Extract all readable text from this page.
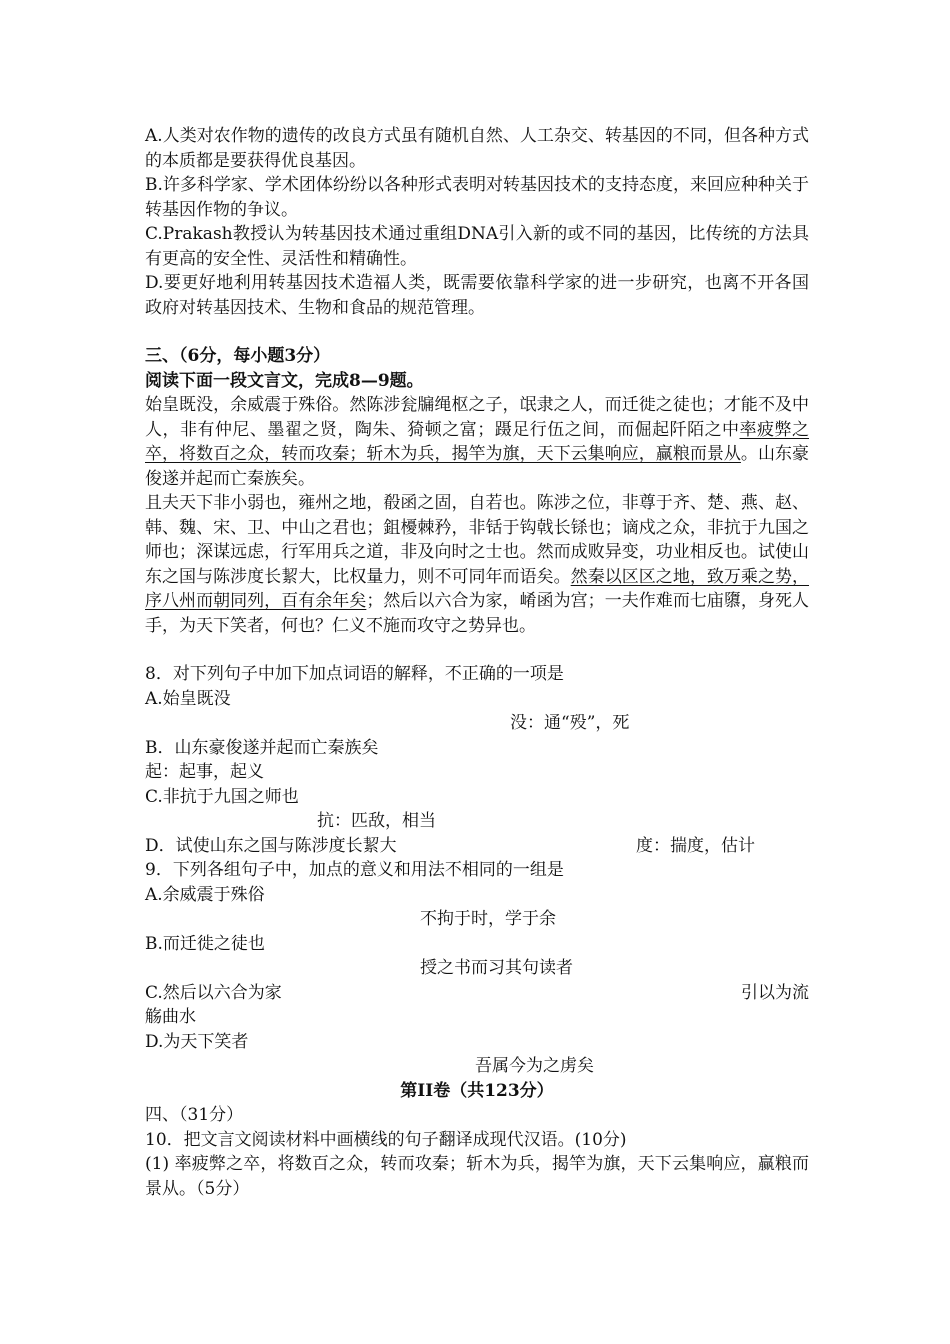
A.人类对农作物的遗传的改良方式虽有随机自然、人工杂交、转基因的不同，但各种方式的本质都是要获得优良基因。

B.许多科学家、学术团体纷纷以各种形式表明对转基因技术的支持态度，来回应种种关于转基因作物的争议。

C.Prakash教授认为转基因技术通过重组DNA引入新的或不同的基因，比传统的方法具有更高的安全性、灵活性和精确性。

D.要更好地利用转基因技术造福人类，既需要依靠科学家的进一步研究，也离不开各国政府对转基因技术、生物和食品的规范管理。

三、（6分，每小题3分）

阅读下面一段文言文，完成8—9题。

始皇既没，余威震于殊俗。然陈涉瓮牖绳枢之子，氓隶之人，而迁徙之徒也；才能不及中人，非有仲尼、墨翟之贤，陶朱、猗顿之富；蹑足行伍之间，而倔起阡陌之中率疲弊之卒，将数百之众，转而攻秦；斩木为兵，揭竿为旗，天下云集响应，赢粮而景从。山东豪俊遂并起而亡秦族矣。

且夫天下非小弱也，雍州之地，殽函之固，自若也。陈涉之位，非尊于齐、楚、燕、赵、韩、魏、宋、卫、中山之君也；鉏櫌棘矜，非铦于钩戟长铩也；谪戍之众，非抗于九国之师也；深谋远虑，行军用兵之道，非及向时之士也。然而成败异变，功业相反也。试使山东之国与陈涉度长絜大，比权量力，则不可同年而语矣。然秦以区区之地，致万乘之势，序八州而朝同列，百有余年矣；然后以六合为家，崤函为宫；一夫作难而七庙隳，身死人手，为天下笑者，何也？仁义不施而攻守之势异也。

8．对下列句子中加下加点词语的解释，不正确的一项是

A.始皇既没

没：通“殁”，死

B．山东豪俊遂并起而亡秦族矣

起：起事，起义

C.非抗于九国之师也

抗：匹敌，相当

D．试使山东之国与陈涉度长絜大	度：揣度，估计

9．下列各组句子中，加点的意义和用法不相同的一组是

A.余威震于殊俗

不拘于时，学于余

B.而迁徙之徒也

授之书而习其句读者

C.然后以六合为家	引以为流

觞曲水

D.为天下笑者

吾属今为之虏矣

第II卷（共123分）

四、（31分）

10．把文言文阅读材料中画横线的句子翻译成现代汉语。(10分)

(1) 率疲弊之卒，将数百之众，转而攻秦；斩木为兵，揭竿为旗，天下云集响应，赢粮而景从。（5分）
